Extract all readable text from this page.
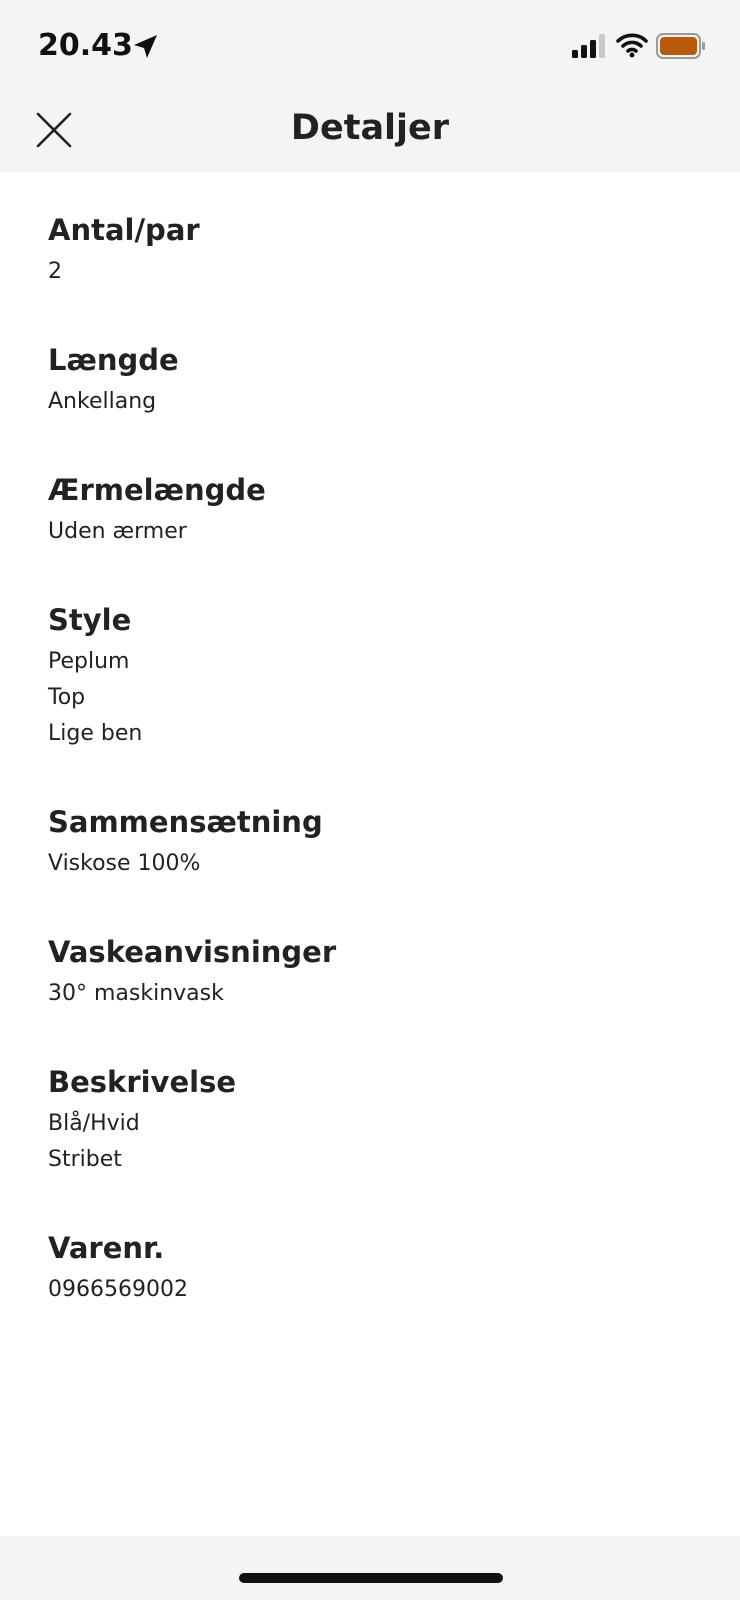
20.43
Detaljer
Antal/par
2
Længde
Ankellang
Ærmelængde
Uden ærmer
Style
Peplum
Top
Lige ben
Sammensætning
Viskose 100%
Vaskeanvisninger
30° maskinvask
Beskrivelse
Blå/Hvid
Stribet
Varenr.
0966569002
